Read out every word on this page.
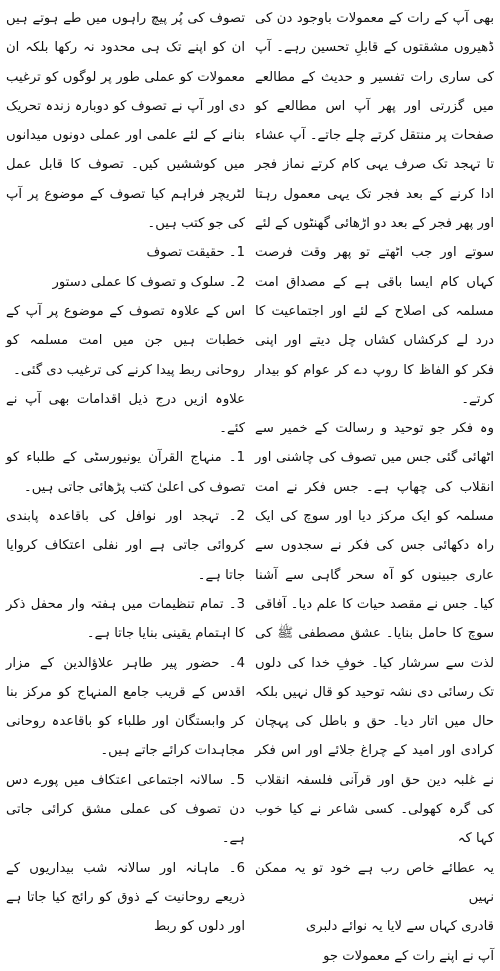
بھی آپ کے رات کے معمولات باوجود دن کی ڈھیروں مشقتوں کے قابلِ تحسین رہے۔ آپ کی ساری رات تفسیر و حدیث کے مطالعے میں گزرتی اور پھر آپ اس مطالعے کو صفحات پر منتقل کرتے چلے جاتے۔ آپ عشاء تا تہجد تک صرف یہی کام کرتے نماز فجر ادا کرنے کے بعد فجر تک یہی معمول رہتا اور پھر فجر کے بعد دو اڑھائی گھنٹوں کے لئے سوتے اور جب اٹھتے تو پھر وقت فرصت کہاں کام ایسا باقی ہے کے مصداق امت مسلمہ کی اصلاح کے لئے اور اجتماعیت کا درد لے کرکشاں کشاں چل دیتے اور اپنی فکر کو الفاظ کا روپ دے کر عوام کو بیدار کرتے۔

وہ فکر جو توحید و رسالت کے خمیر سے اٹھائی گئی جس میں تصوف کی چاشنی اور انقلاب کی چھاپ ہے۔ جس فکر نے امت مسلمہ کو ایک مرکز دیا اور سوچ کی ایک راہ دکھائی جس کی فکر نے سجدوں سے عاری جبینوں کو آہ سحر گاہی سے آشنا کیا۔ جس نے مقصد حیات کا علم دیا۔ آفاقی سوچ کا حامل بنایا۔ عشق مصطفی ﷺ کی لذت سے سرشار کیا۔ خوفِ خدا کی دلوں تک رسائی دی نشہ توحید کو قال نہیں بلکہ حال میں اتار دیا۔ حق و باطل کی پہچان کرادی اور امید کے چراغ جلائے اور اس فکر نے غلبہ دین حق اور قرآنی فلسفہ انقلاب کی گرہ کھولی۔ کسی شاعر نے کیا خوب کہا کہ

یہ عطائے خاص رب ہے خود تو یہ ممکن نہیں

قادری کہاں سے لایا یہ نوائے دلبری

آپ نے اپنے رات کے معمولات جو

تصوف کی پُر پیچ راہوں میں طے ہوتے ہیں ان کو اپنے تک ہی محدود نہ رکھا بلکہ ان معمولات کو عملی طور پر لوگوں کو ترغیب دی اور آپ نے تصوف کو دوبارہ زندہ تحریک بنانے کے لئے علمی اور عملی دونوں میدانوں میں کوششیں کیں۔ تصوف کا قابل عمل لٹریچر فراہم کیا تصوف کے موضوع پر آپ کی جو کتب ہیں۔

1۔ حقیقت تصوف

2۔ سلوک و تصوف کا عملی دستور

اس کے علاوہ تصوف کے موضوع پر آپ کے خطبات ہیں جن میں امت مسلمہ کو روحانی ربط پیدا کرنے کی ترغیب دی گئی۔

علاوہ ازیں درج ذیل اقدامات بھی آپ نے کئے۔

1۔ منہاج القرآن یونیورسٹی کے طلباء کو تصوف کی اعلیٰ کتب پڑھائی جاتی ہیں۔

2۔ تہجد اور نوافل کی باقاعدہ پابندی کروائی جاتی ہے اور نفلی اعتکاف کروایا جاتا ہے۔

3۔ تمام تنظیمات میں ہفتہ وار محفل ذکر کا اہتمام یقینی بنایا جاتا ہے۔

4۔ حضور پیر طاہر علاؤالدین کے مزار اقدس کے قریب جامع المنہاج کو مرکز بنا کر وابستگان اور طلباء کو باقاعدہ روحانی مجاہدات کرائے جاتے ہیں۔

5۔ سالانہ اجتماعی اعتکاف میں پورے دس دن تصوف کی عملی مشق کرائی جاتی ہے۔

6۔ ماہانہ اور سالانہ شب بیداریوں کے ذریعے روحانیت کے ذوق کو رائج کیا جاتا ہے اور دلوں کو ربط
